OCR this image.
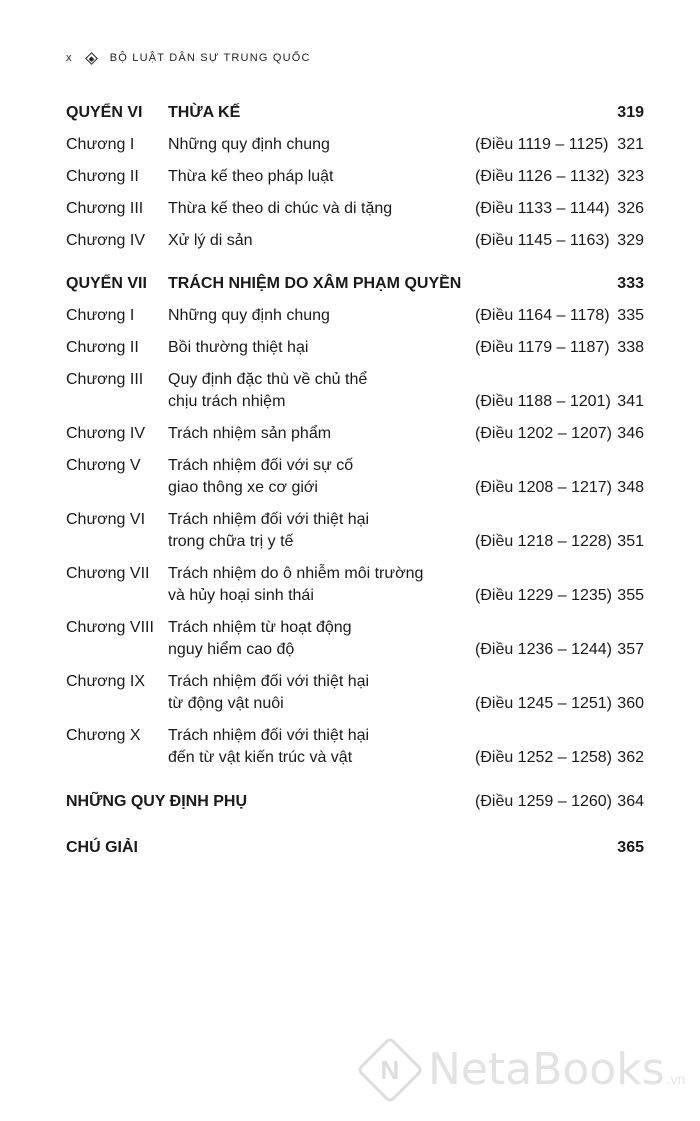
x	BỘ LUẬT DÂN SỰ TRUNG QUỐC
QUYỂN VI THỪA KẾ	319
Chương I Những quy định chung	(Điều 1119 – 1125) 321
Chương II Thừa kế theo pháp luật	(Điều 1126 – 1132) 323
Chương III Thừa kế theo di chúc và di tặng	(Điều 1133 – 1144) 326
Chương IV Xử lý di sản	(Điều 1145 – 1163) 329
QUYỂN VII TRÁCH NHIỆM DO XÂM PHẠM QUYỀN	333
Chương I Những quy định chung	(Điều 1164 – 1178) 335
Chương II Bồi thường thiệt hại	(Điều 1179 – 1187) 338
Chương III Quy định đặc thù về chủ thể
chịu trách nhiệm	(Điều 1188 – 1201) 341
Chương IV Trách nhiệm sản phẩm	(Điều 1202 – 1207) 346
Chương V Trách nhiệm đối với sự cố
giao thông xe cơ giới	(Điều 1208 – 1217) 348
Chương VI Trách nhiệm đối với thiệt hại
trong chữa trị y tế	(Điều 1218 – 1228) 351
Chương VII Trách nhiệm do ô nhiễm môi trường
và hủy hoại sinh thái	(Điều 1229 – 1235) 355
Chương VIII Trách nhiệm từ hoạt động
nguy hiểm cao độ	(Điều 1236 – 1244) 357
Chương IX Trách nhiệm đối với thiệt hại
từ động vật nuôi	(Điều 1245 – 1251) 360
Chương X Trách nhiệm đối với thiệt hại
đến từ vật kiến trúc và vật	(Điều 1252 – 1258) 362
NHỮNG QUY ĐỊNH PHỤ	(Điều 1259 – 1260) 364
CHÚ GIẢI	365
N NetaBooks .vn
